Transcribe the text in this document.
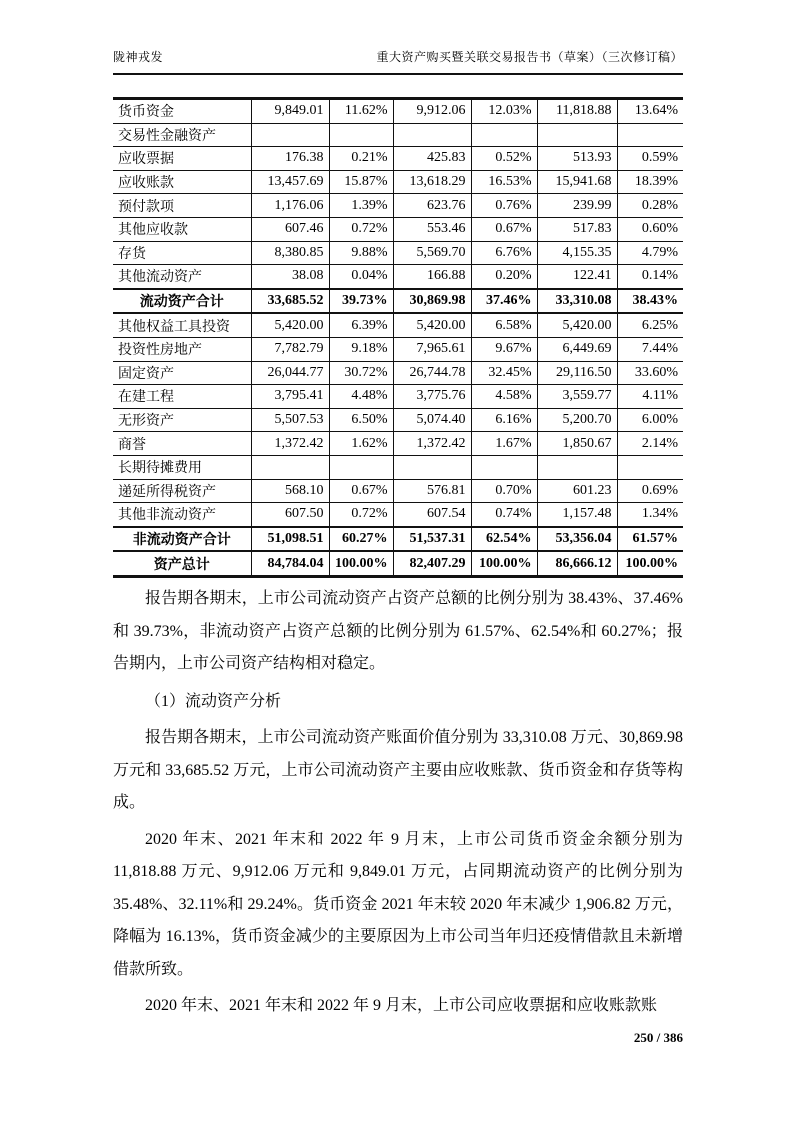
陇神戎发	重大资产购买暨关联交易报告书（草案）（三次修订稿）
货币资金	9,849.01	11.62%	9,912.06	12.03%	11,818.88	13.64%
交易性金融资产						
应收票据	176.38	0.21%	425.83	0.52%	513.93	0.59%
应收账款	13,457.69	15.87%	13,618.29	16.53%	15,941.68	18.39%
预付款项	1,176.06	1.39%	623.76	0.76%	239.99	0.28%
其他应收款	607.46	0.72%	553.46	0.67%	517.83	0.60%
存货	8,380.85	9.88%	5,569.70	6.76%	4,155.35	4.79%
其他流动资产	38.08	0.04%	166.88	0.20%	122.41	0.14%
流动资产合计	33,685.52	39.73%	30,869.98	37.46%	33,310.08	38.43%
其他权益工具投资	5,420.00	6.39%	5,420.00	6.58%	5,420.00	6.25%
投资性房地产	7,782.79	9.18%	7,965.61	9.67%	6,449.69	7.44%
固定资产	26,044.77	30.72%	26,744.78	32.45%	29,116.50	33.60%
在建工程	3,795.41	4.48%	3,775.76	4.58%	3,559.77	4.11%
无形资产	5,507.53	6.50%	5,074.40	6.16%	5,200.70	6.00%
商誉	1,372.42	1.62%	1,372.42	1.67%	1,850.67	2.14%
长期待摊费用						
递延所得税资产	568.10	0.67%	576.81	0.70%	601.23	0.69%
其他非流动资产	607.50	0.72%	607.54	0.74%	1,157.48	1.34%
非流动资产合计	51,098.51	60.27%	51,537.31	62.54%	53,356.04	61.57%
资产总计	84,784.04	100.00%	82,407.29	100.00%	86,666.12	100.00%

报告期各期末，上市公司流动资产占资产总额的比例分别为 38.43%、37.46%和 39.73%，非流动资产占资产总额的比例分别为 61.57%、62.54%和 60.27%；报告期内，上市公司资产结构相对稳定。

（1）流动资产分析

报告期各期末，上市公司流动资产账面价值分别为 33,310.08 万元、30,869.98 万元和 33,685.52 万元，上市公司流动资产主要由应收账款、货币资金和存货等构成。

2020 年末、2021 年末和 2022 年 9 月末，上市公司货币资金余额分别为 11,818.88 万元、9,912.06 万元和 9,849.01 万元，占同期流动资产的比例分别为 35.48%、32.11%和 29.24%。货币资金 2021 年末较 2020 年末减少 1,906.82 万元，降幅为 16.13%，货币资金减少的主要原因为上市公司当年归还疫情借款且未新增借款所致。

2020 年末、2021 年末和 2022 年 9 月末，上市公司应收票据和应收账款账

250 / 386
